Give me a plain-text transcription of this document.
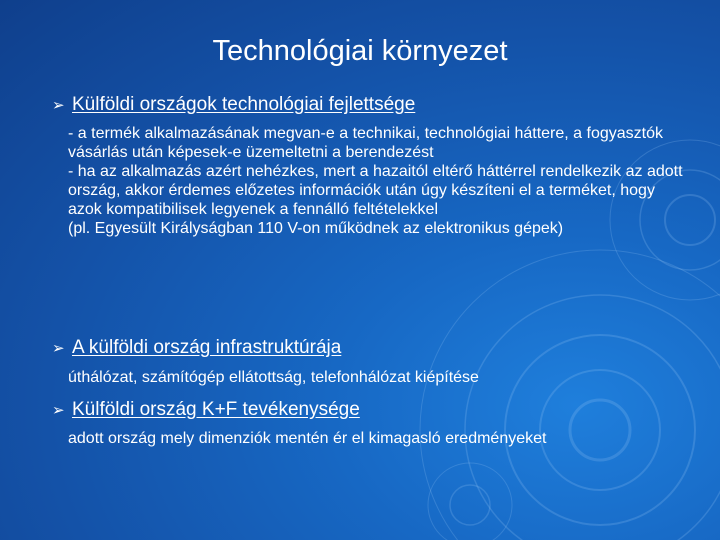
Technológiai környezet
➢ Külföldi országok technológiai fejlettsége

- a termék alkalmazásának megvan-e a technikai, technológiai háttere, a fogyasztók vásárlás után képesek-e üzemeltetni a berendezést

- ha az alkalmazás azért nehézkes, mert a hazaitól eltérő háttérrel rendelkezik az adott ország, akkor érdemes előzetes információk után úgy készíteni el a terméket, hogy azok kompatibilisek legyenek a fennálló feltételekkel

(pl. Egyesült Királyságban 110 V-on működnek az elektronikus gépek)

➢ A külföldi ország infrastruktúrája

úthálózat, számítógép ellátottság, telefonhálózat kiépítése

➢ Külföldi ország K+F tevékenysége

adott ország mely dimenziók mentén ér el kimagasló eredményeket
